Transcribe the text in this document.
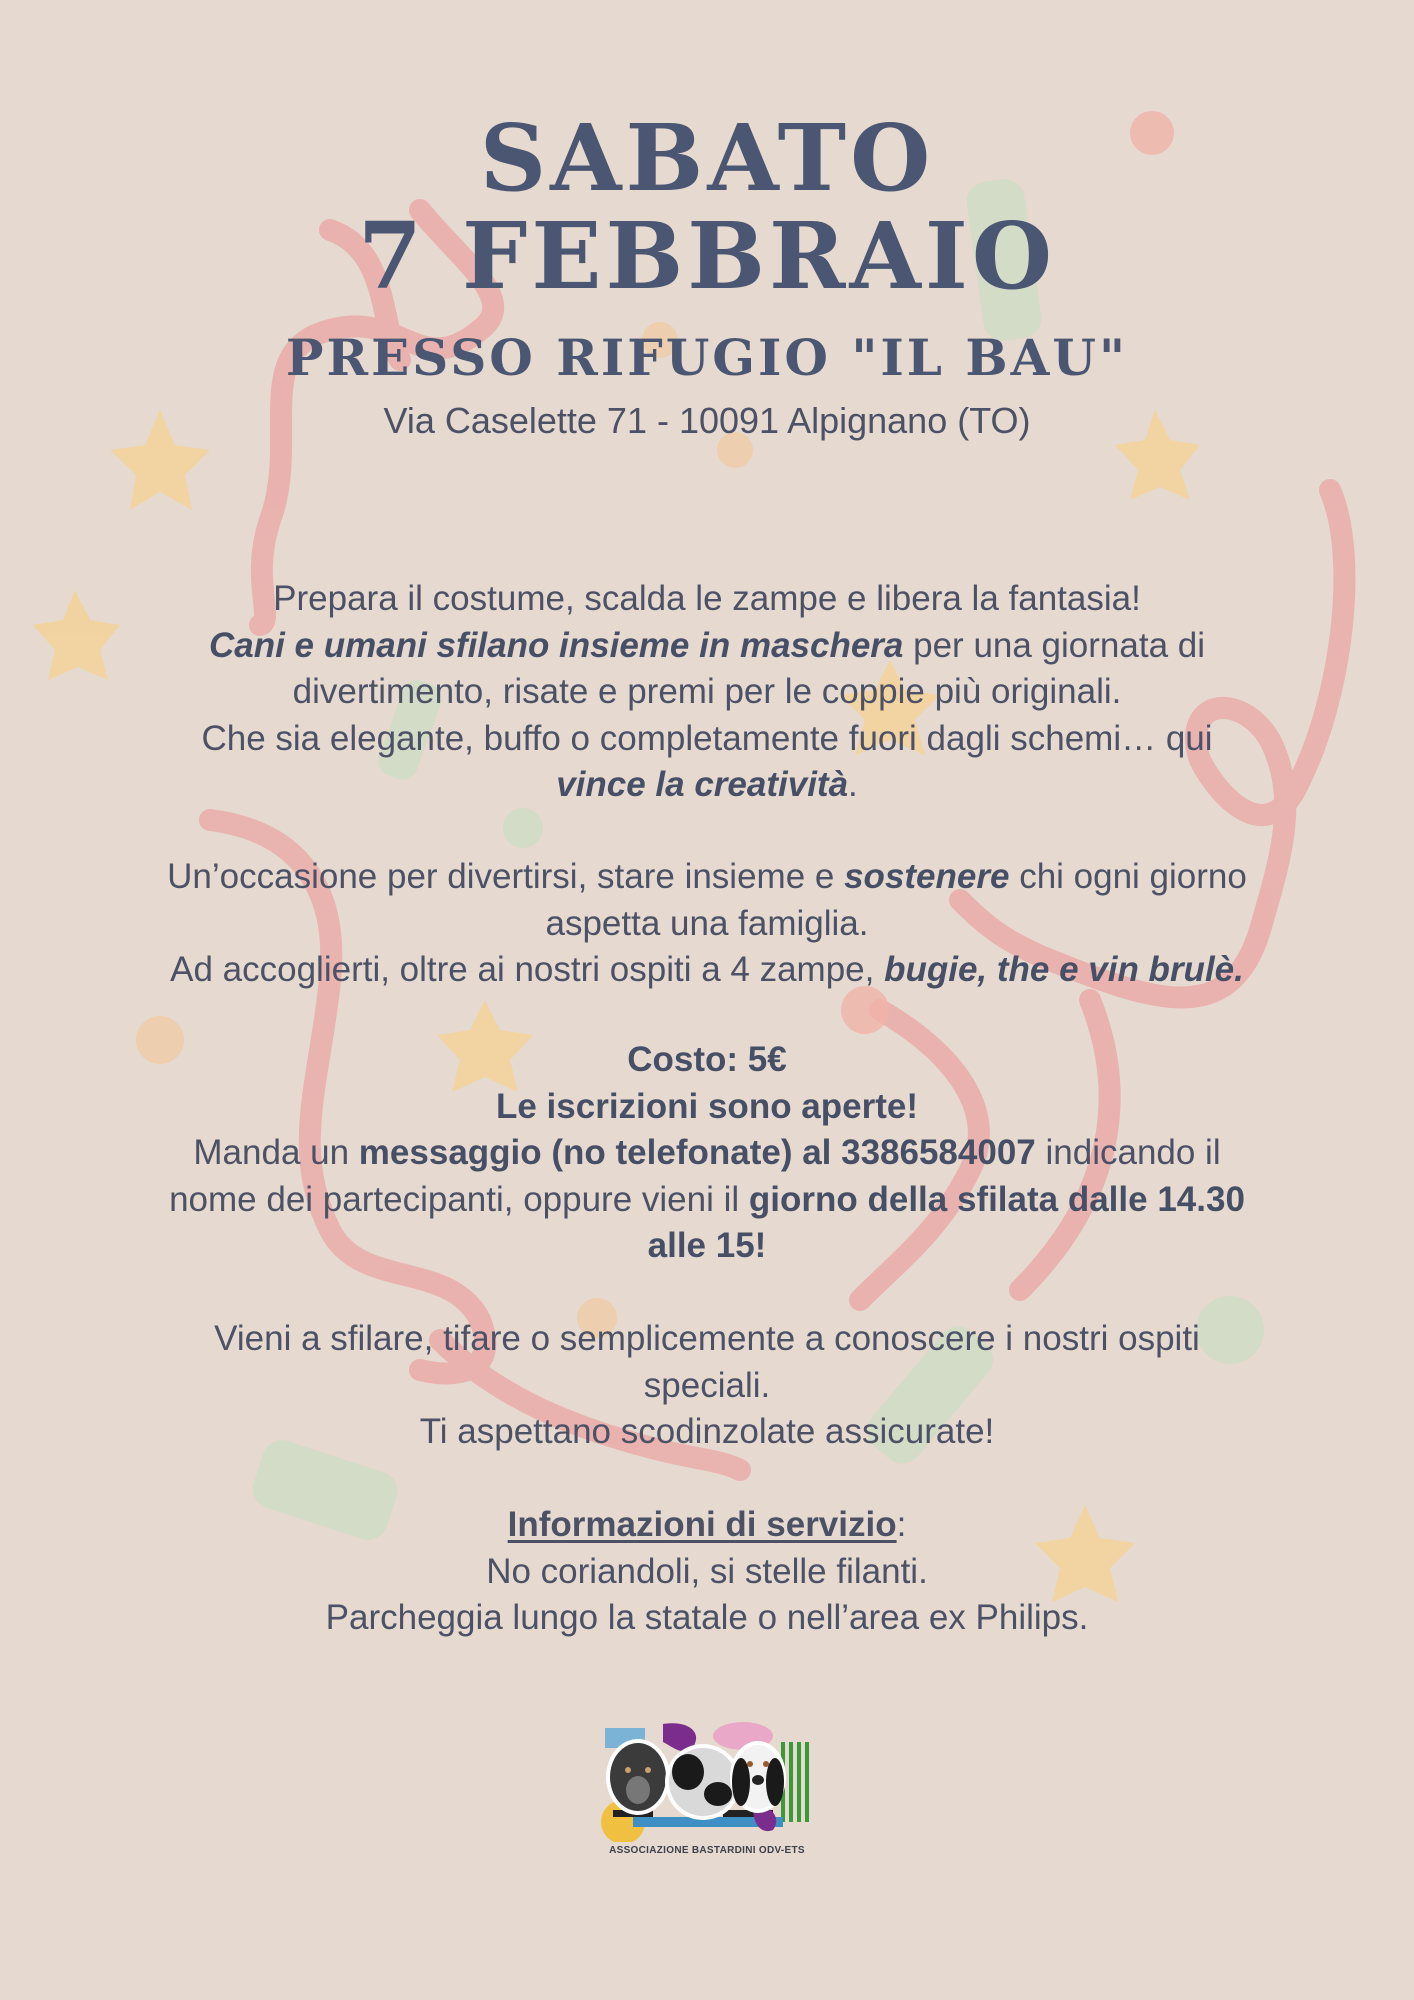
SABATO
7 FEBBRAIO
PRESSO RIFUGIO "IL BAU"
Via Caselette 71 - 10091 Alpignano (TO)
Prepara il costume, scalda le zampe e libera la fantasia!
Cani e umani sfilano insieme in maschera per una giornata di
divertimento, risate e premi per le coppie più originali.
Che sia elegante, buffo o completamente fuori dagli schemi… qui
vince la creatività.
Un’occasione per divertirsi, stare insieme e sostenere chi ogni giorno
aspetta una famiglia.
Ad accoglierti, oltre ai nostri ospiti a 4 zampe, bugie, the e vin brulè.
Costo: 5€
Le iscrizioni sono aperte!
Manda un messaggio (no telefonate) al 3386584007 indicando il
nome dei partecipanti, oppure vieni il giorno della sfilata dalle 14.30
alle 15!
Vieni a sfilare, tifare o semplicemente a conoscere i nostri ospiti
speciali.
Ti aspettano scodinzolate assicurate!
Informazioni di servizio:
No coriandoli, si stelle filanti.
Parcheggia lungo la statale o nell’area ex Philips.
ASSOCIAZIONE BASTARDINI ODV-ETS
